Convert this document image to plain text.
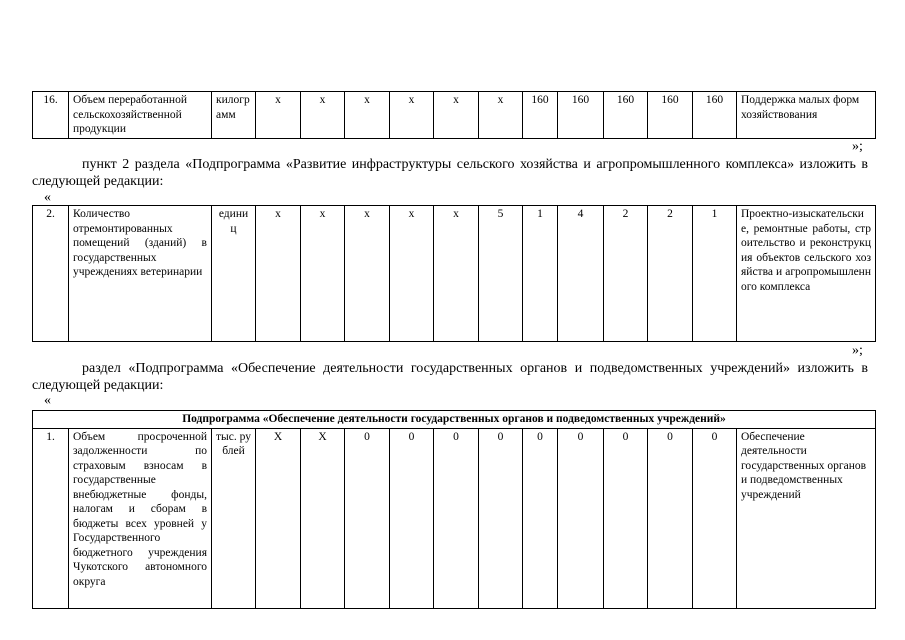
16.	Объем переработанной сельскохозяйственной продукции	килограмм	х	х	х	х	х	х	160	160	160	160	160	Поддержка малых форм хозяйствования
»;
пункт 2 раздела «Подпрограмма «Развитие инфраструктуры сельского хозяйства и агропромышленного комплекса» изложить в следующей редакции:
«
2.	Количество отремонтированных помещений (зданий) в государственных учреждениях ветеринарии	единиц	х	х	х	х	х	5	1	4	2	2	1	Проектно-изыскательские, ремонтные работы, строительство и реконструкция объектов сельского хозяйства и агропромышленного комплекса
»;
раздел «Подпрограмма «Обеспечение деятельности государственных органов и подведомственных учреждений» изложить в следующей редакции:
«
Подпрограмма «Обеспечение деятельности государственных органов и подведомственных учреждений»
1.	Объем просроченной задолженности по страховым взносам в государственные внебюджетные фонды, налогам и сборам в бюджеты всех уровней у Государственного бюджетного учреждения Чукотского автономного округа	тыс. рублей	Х	Х	0	0	0	0	0	0	0	0	0	Обеспечение деятельности государственных органов и подведомственных учреждений
